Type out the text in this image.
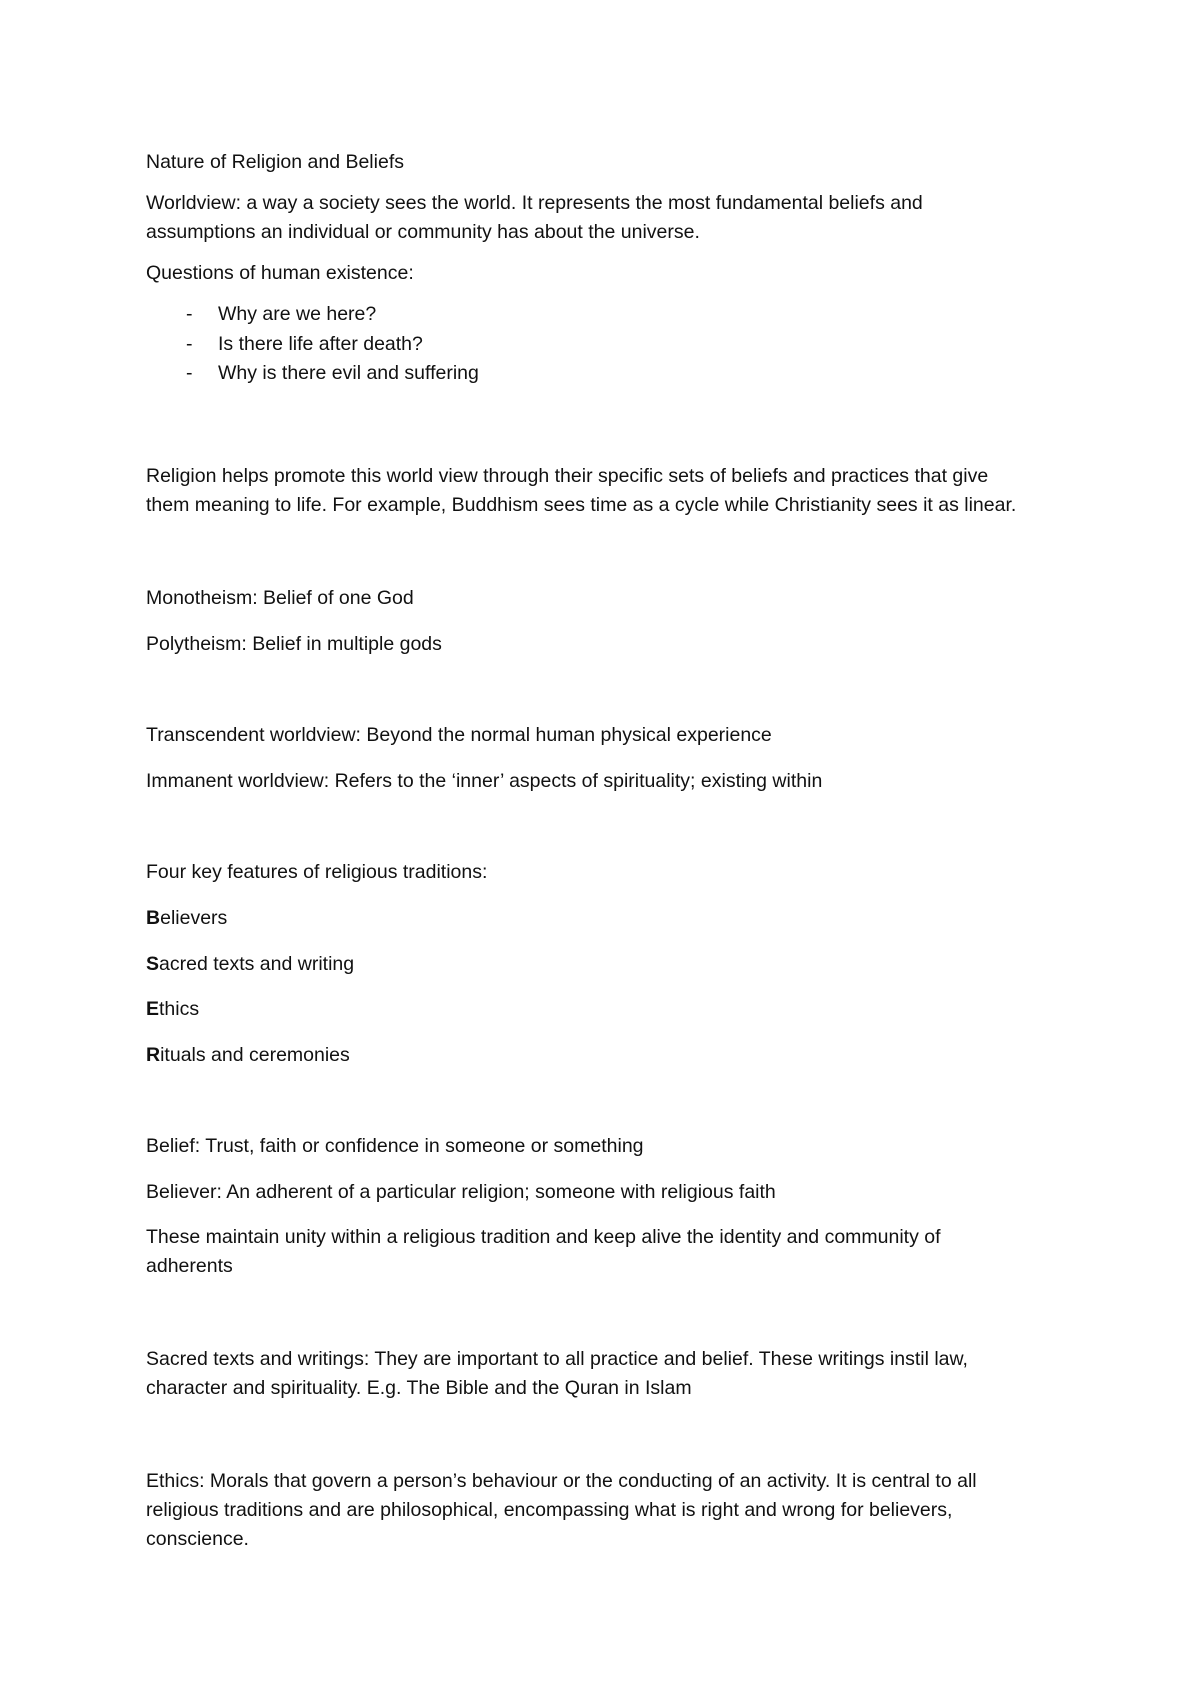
Nature of Religion and Beliefs
Worldview: a way a society sees the world. It represents the most fundamental beliefs and
assumptions an individual or community has about the universe.
Questions of human existence:
- Why are we here?
- Is there life after death?
- Why is there evil and suffering
Religion helps promote this world view through their specific sets of beliefs and practices that give
them meaning to life. For example, Buddhism sees time as a cycle while Christianity sees it as linear.
Monotheism: Belief of one God
Polytheism: Belief in multiple gods
Transcendent worldview: Beyond the normal human physical experience
Immanent worldview: Refers to the ‘inner’ aspects of spirituality; existing within
Four key features of religious traditions:
Believers
Sacred texts and writing
Ethics
Rituals and ceremonies
Belief: Trust, faith or confidence in someone or something
Believer: An adherent of a particular religion; someone with religious faith
These maintain unity within a religious tradition and keep alive the identity and community of
adherents
Sacred texts and writings: They are important to all practice and belief. These writings instil law,
character and spirituality. E.g. The Bible and the Quran in Islam
Ethics: Morals that govern a person’s behaviour or the conducting of an activity. It is central to all
religious traditions and are philosophical, encompassing what is right and wrong for believers,
conscience.
